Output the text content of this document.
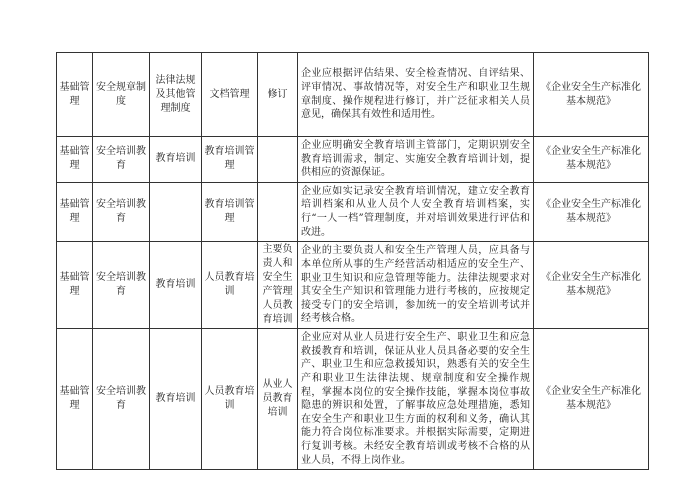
基础管理	安全规章制度	法律法规及其他管理制度	文档管理	修订	企业应根据评估结果、安全检查情况、自评结果、评审情况、事故情况等，对安全生产和职业卫生规章制度、操作规程进行修订，并广泛征求相关人员意见，确保其有效性和适用性。	《企业安全生产标准化基本规范》
基础管理	安全培训教育	教育培训	教育培训管理		企业应明确安全教育培训主管部门，定期识别安全教育培训需求，制定、实施安全教育培训计划，提供相应的资源保证。	《企业安全生产标准化基本规范》
基础管理	安全培训教育		教育培训管理		企业应如实记录安全教育培训情况，建立安全教育培训档案和从业人员个人安全教育培训档案，实行“一人一档”管理制度，并对培训效果进行评估和改进。	《企业安全生产标准化基本规范》
基础管理	安全培训教育	教育培训	人员教育培训	主要负责人和安全生产管理人员教育培训	企业的主要负责人和安全生产管理人员，应具备与本单位所从事的生产经营活动相适应的安全生产、职业卫生知识和应急管理等能力。法律法规要求对其安全生产知识和管理能力进行考核的，应按规定接受专门的安全培训，参加统一的安全培训考试并经考核合格。	《企业安全生产标准化基本规范》
基础管理	安全培训教育	教育培训	人员教育培训	从业人员教育培训	企业应对从业人员进行安全生产、职业卫生和应急救援教育和培训，保证从业人员具备必要的安全生产、职业卫生和应急救援知识，熟悉有关的安全生产和职业卫生法律法规、规章制度和安全操作规程，掌握本岗位的安全操作技能，掌握本岗位事故隐患的辨识和处置，了解事故应急处理措施，悉知在安全生产和职业卫生方面的权利和义务，确认其能力符合岗位标准要求。并根据实际需要，定期进行复训考核。未经安全教育培训或考核不合格的从业人员，不得上岗作业。	《企业安全生产标准化基本规范》
